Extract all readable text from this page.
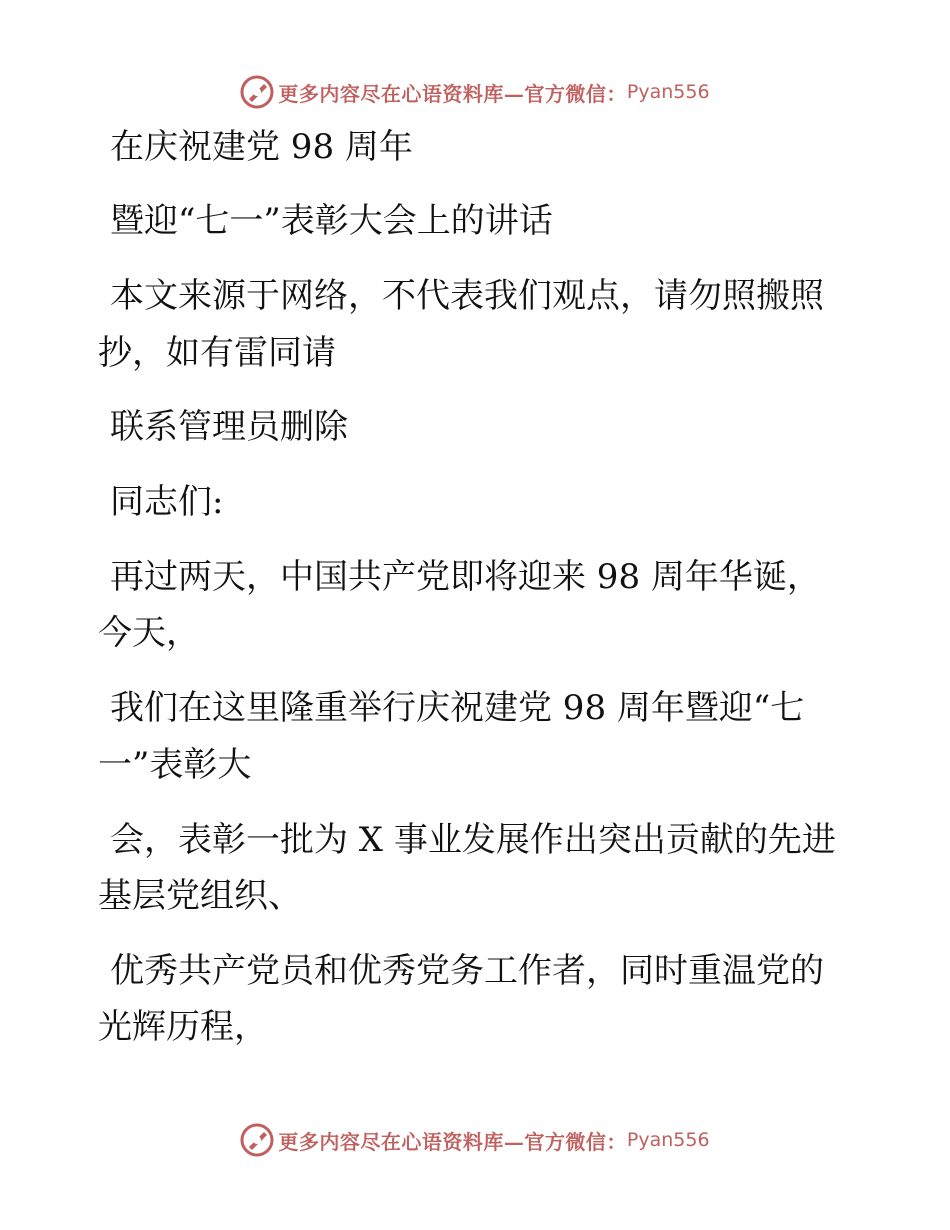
更多内容尽在心语资料库—官方微信： Pyan556
在庆祝建党 98 周年
暨迎“七一”表彰大会上的讲话
本文来源于网络，不代表我们观点，请勿照搬照
抄，如有雷同请
联系管理员删除
同志们:
再过两天，中国共产党即将迎来 98 周年华诞，
今天，
我们在这里隆重举行庆祝建党 98 周年暨迎“七
一”表彰大
会，表彰一批为 X 事业发展作出突出贡献的先进
基层党组织、
优秀共产党员和优秀党务工作者，同时重温党的
光辉历程，
更多内容尽在心语资料库—官方微信： Pyan556
